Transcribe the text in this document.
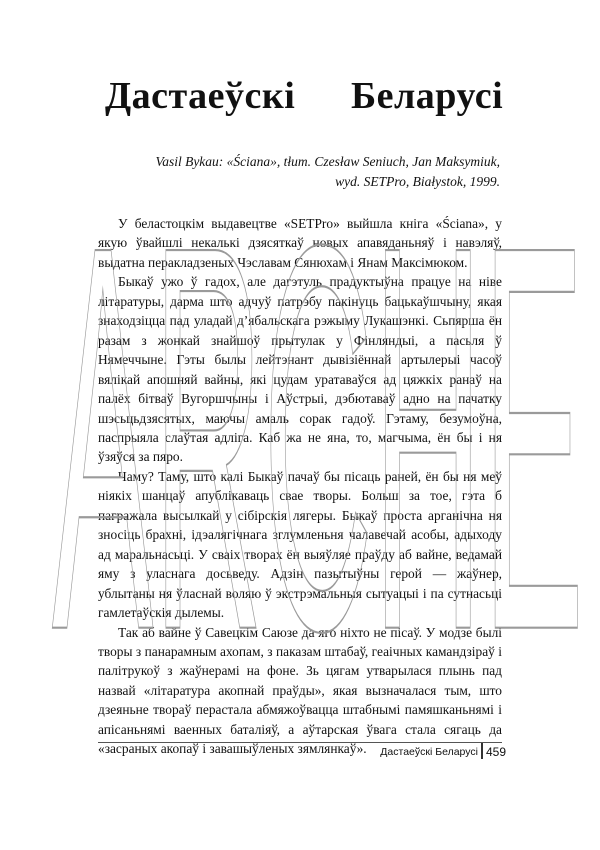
Дастаеўскі Беларусі
Vasil Bykau: «Ściana», tłum. Czesław Seniuch, Jan Maksymiuk,
wyd. SETPro, Białystok, 1999.

У беластоцкім выдавецтве «SETPro» выйшла кніга «Ściana», у якую ўвайшлі некалькі дзясяткаў новых апавяданьняў і навэляў, выдатна перакладзеных Чэславам Сянюхам і Янам Максімюком.

Быкаў ужо ў гадох, але дагэтуль прадуктыўна працуе на ніве літаратуры, дарма што адчуў патрэбу пакінуць бацькаўшчыну, якая знаходзіцца пад уладай д’ябальскага рэжыму Лукашэнкі. Сьпярша ён разам з жонкай знайшоў прытулак у Фінляндыі, а пасьля ў Нямеччыне. Гэты былы лейтэнант дывізіённай артылерыі часоў вялікай апошняй вайны, які цудам уратаваўся ад цяжкіх ранаў на палёх бітваў Вугоршчыны і Аўстрыі, дэбютаваў адно на пачатку шэсьцьдзясятых, маючы амаль сорак гадоў. Гэтаму, безумоўна, паспрыяла слаўтая адліга. Каб жа не яна, то, магчыма, ён бы і ня ўзяўся за пяро.

Чаму? Таму, што калі Быкаў пачаў бы пісаць раней, ён бы ня меў ніякіх шанцаў апублікаваць свае творы. Больш за тое, гэта б пагражала высылкай у сібірскія лягеры. Быкаў проста арганічна ня зносіць брахні, ідэалягічнага зглумленьня чалавечай асобы, адыходу ад маральнасьці. У сваіх творах ён выяўляе праўду аб вайне, ведамай яму з уласнага досьведу. Адзін пазытыўны герой — жаўнер, ублытаны ня ўласнай воляю ў экстрэмальныя сытуацыі і па сутнасьці гамлетаўскія дылемы.

Так аб вайне ў Савецкім Саюзе да яго ніхто не пісаў. У модзе былі творы з панарамным ахопам, з паказам штабаў, геаічных камандзіраў і палітрукоў з жаўнерамі на фоне. Зь цягам утварылася плынь пад назвай «літаратура акопнай праўды», якая вызначалася тым, што дзеяньне твораў перастала абмяжоўвацца штабнымі памяшканьнямі і апісаньнямі ваенных баталіяў, а аўтарская ўвага стала сягаць да «засраных акопаў і завашыўленых зямлянкаў».

ARCHE
Дастаеўскі Беларусі 459
